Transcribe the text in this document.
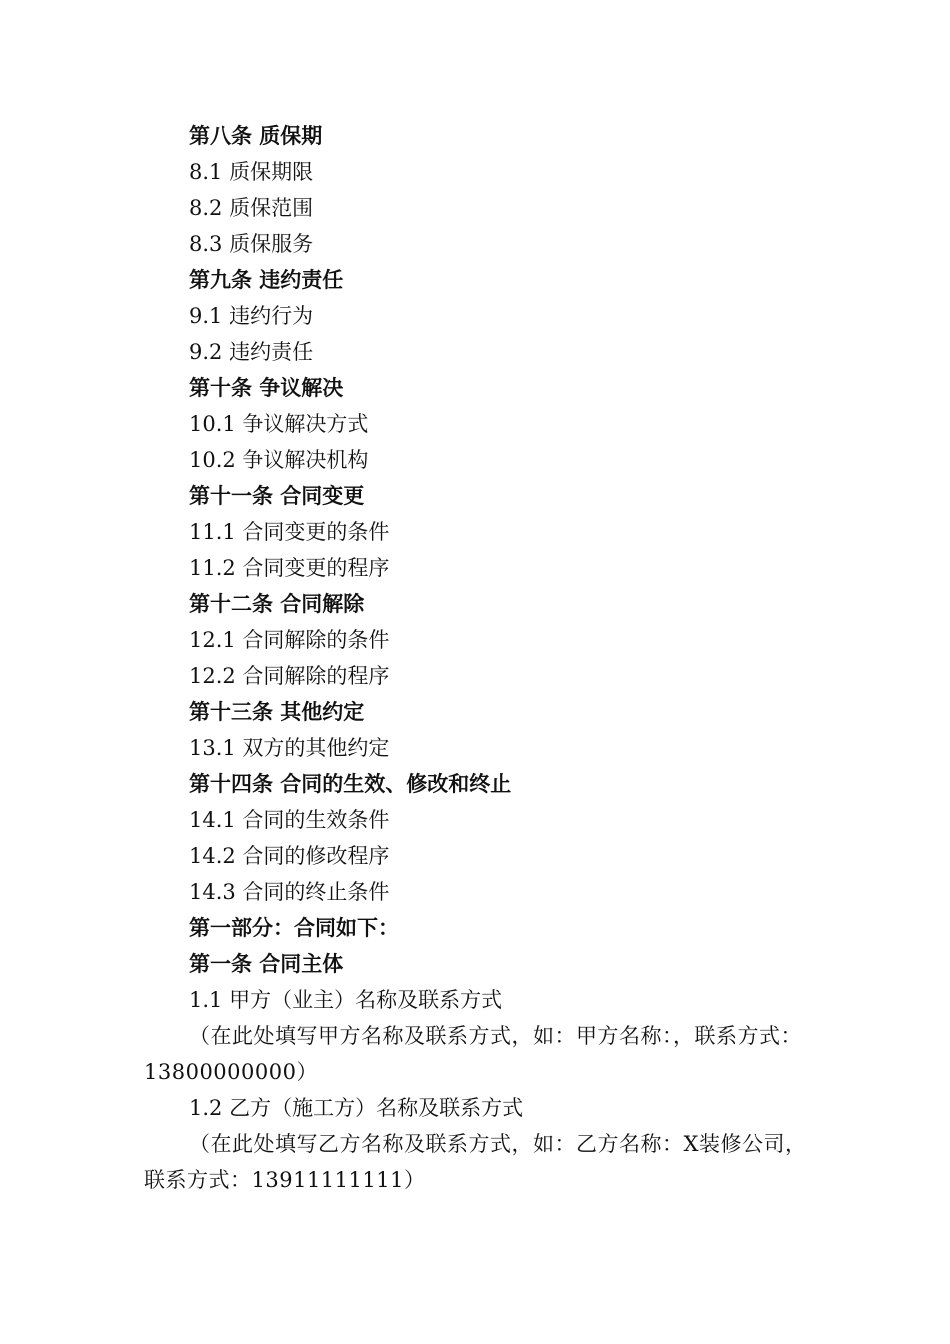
第八条 质保期
8.1 质保期限
8.2 质保范围
8.3 质保服务
第九条 违约责任
9.1 违约行为
9.2 违约责任
第十条 争议解决
10.1 争议解决方式
10.2 争议解决机构
第十一条 合同变更
11.1 合同变更的条件
11.2 合同变更的程序
第十二条 合同解除
12.1 合同解除的条件
12.2 合同解除的程序
第十三条 其他约定
13.1 双方的其他约定
第十四条 合同的生效、修改和终止
14.1 合同的生效条件
14.2 合同的修改程序
14.3 合同的终止条件
第一部分：合同如下：
第一条 合同主体
1.1 甲方（业主）名称及联系方式

（在此处填写甲方名称及联系方式，如：甲方名称：，联系方式：13800000000）

1.2 乙方（施工方）名称及联系方式

（在此处填写乙方名称及联系方式，如：乙方名称：X装修公司，联系方式：13911111111）
